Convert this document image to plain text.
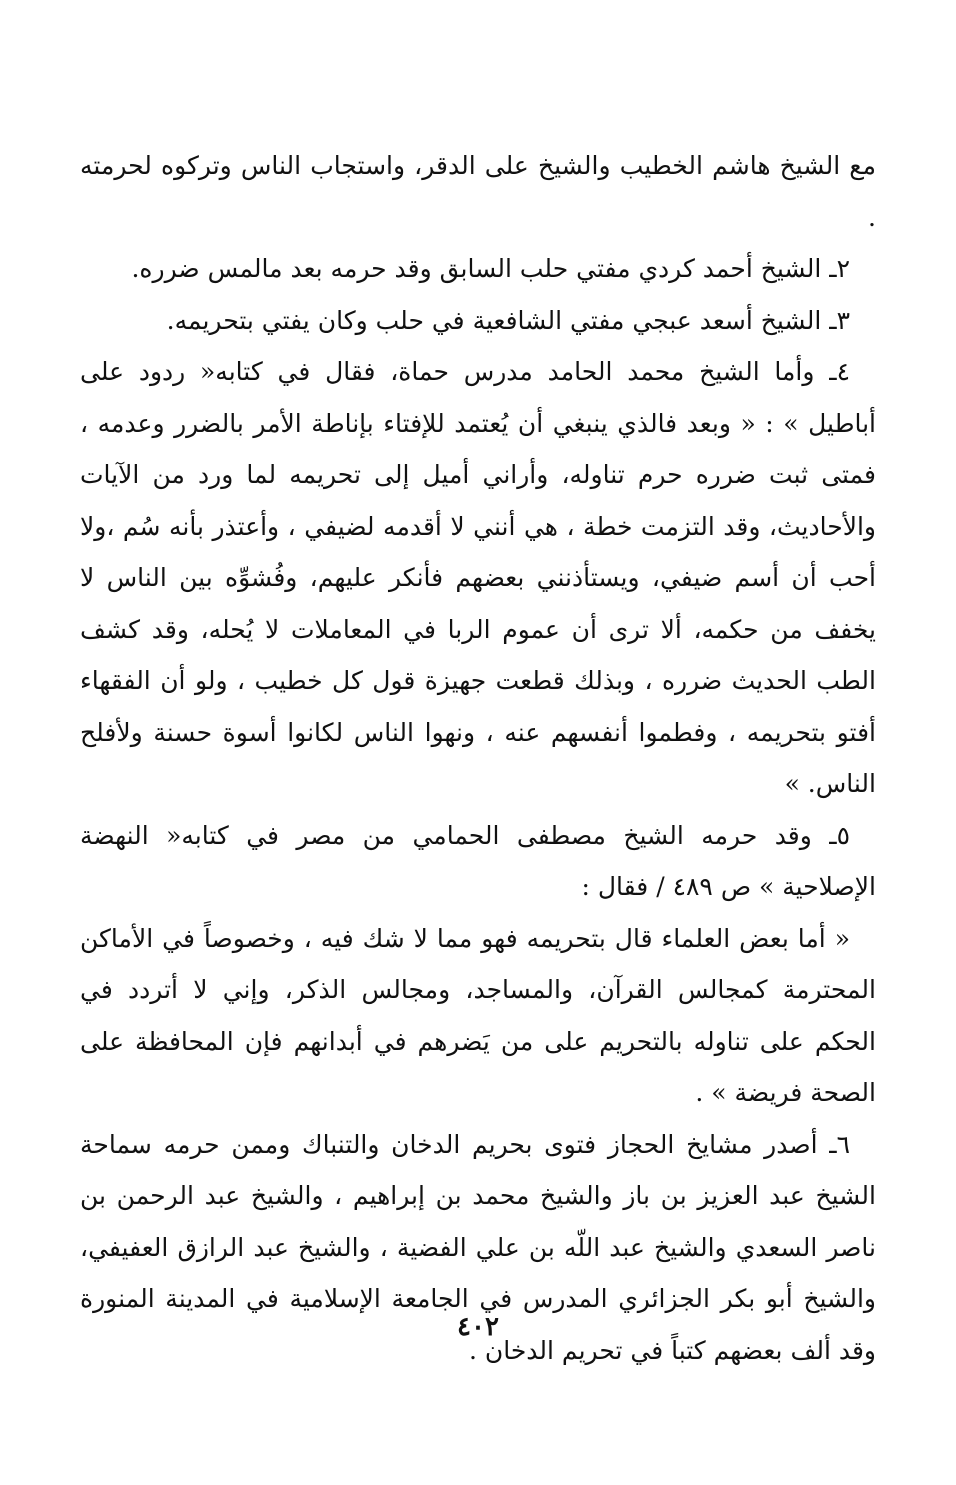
مع الشيخ هاشم الخطيب والشيخ على الدقر، واستجاب الناس وتركوه لحرمته .

٢ـ الشيخ أحمد كردي مفتي حلب السابق وقد حرمه بعد مالمس ضرره.

٣ـ الشيخ أسعد عبجي مفتي الشافعية في حلب وكان يفتي بتحريمه.

٤ـ وأما الشيخ محمد الحامد مدرس حماة، فقال في كتابه« ردود على أباطيل » : « وبعد فالذي ينبغي أن يُعتمد للإفتاء بإناطة الأمر بالضرر وعدمه ، فمتى ثبت ضرره حرم تناوله، وأراني أميل إلى تحريمه لما ورد من الآيات والأحاديث، وقد التزمت خطة ، هي أنني لا أقدمه لضيفي ، وأعتذر بأنه سُم ،ولا أحب أن أسم ضيفي، ويستأذنني بعضهم فأنكر عليهم، وفُشوِّه بين الناس لا يخفف من حكمه، ألا ترى أن عموم الربا في المعاملات لا يُحله، وقد كشف الطب الحديث ضرره ، وبذلك قطعت جهيزة قول كل خطيب ، ولو أن الفقهاء أفتو بتحريمه ، وفطموا أنفسهم عنه ، ونهوا الناس لكانوا أسوة حسنة ولأفلح الناس. »

٥ـ وقد حرمه الشيخ مصطفى الحمامي من مصر في كتابه« النهضة الإصلاحية » ص ٤٨٩ / فقال :

« أما بعض العلماء قال بتحريمه فهو مما لا شك فيه ، وخصوصاً في الأماكن المحترمة كمجالس القرآن، والمساجد، ومجالس الذكر، وإني لا أتردد في الحكم على تناوله بالتحريم على من يَضرهم في أبدانهم فإن المحافظة على الصحة فريضة » .

٦ـ أصدر مشايخ الحجاز فتوى بحريم الدخان والتنباك وممن حرمه سماحة الشيخ عبد العزيز بن باز والشيخ محمد بن إبراهيم ، والشيخ عبد الرحمن بن ناصر السعدي والشيخ عبد اللّه بن علي الفضية ، والشيخ عبد الرازق العفيفي، والشيخ أبو بكر الجزائري المدرس في الجامعة الإسلامية في المدينة المنورة وقد ألف بعضهم كتباً في تحريم الدخان .

٤٠٢
